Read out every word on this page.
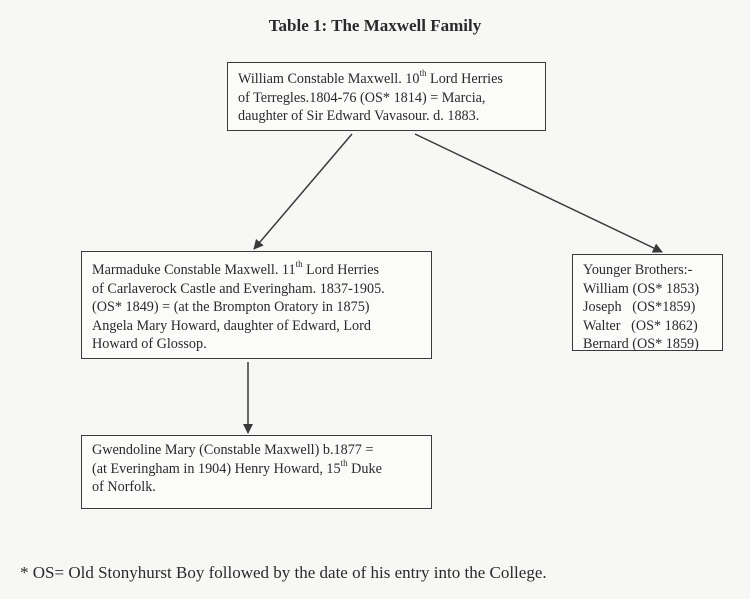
Table 1: The Maxwell Family
William Constable Maxwell. 10th Lord Herries
of Terregles.1804-76 (OS* 1814) = Marcia,
daughter of Sir Edward Vavasour. d. 1883.
Marmaduke Constable Maxwell. 11th Lord Herries
of Carlaverock Castle and Everingham. 1837-1905.
(OS* 1849) = (at the Brompton Oratory in 1875)
Angela Mary Howard, daughter of Edward, Lord
Howard of Glossop.
Younger Brothers:-
William (OS* 1853)
Joseph (OS*1859)
Walter (OS* 1862)
Bernard (OS* 1859)
Gwendoline Mary (Constable Maxwell) b.1877 =
(at Everingham in 1904) Henry Howard, 15th Duke
of Norfolk.
* OS= Old Stonyhurst Boy followed by the date of his entry into the College.
